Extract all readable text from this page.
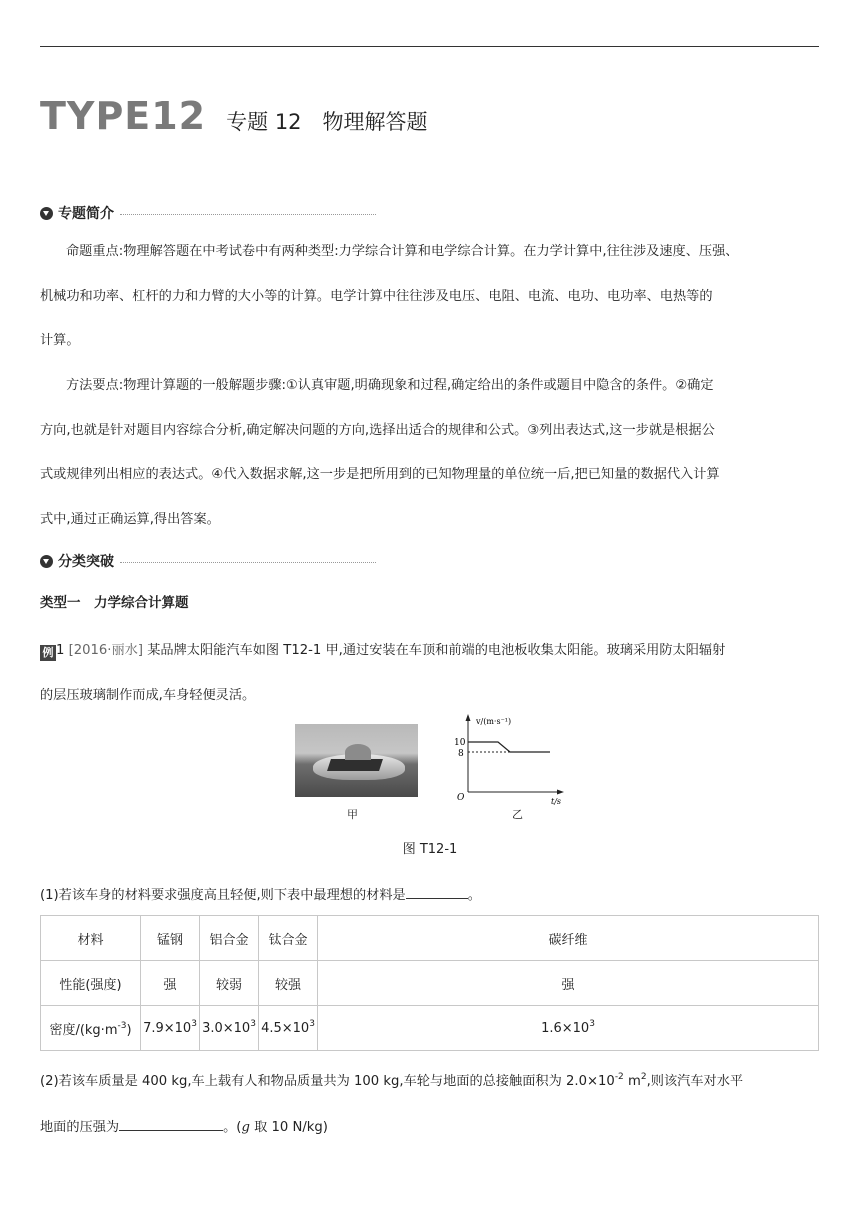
TYPE12 专题 12　物理解答题
专题简介
命题重点:物理解答题在中考试卷中有两种类型:力学综合计算和电学综合计算。在力学计算中,往往涉及速度、压强、
机械功和功率、杠杆的力和力臂的大小等的计算。电学计算中往往涉及电压、电阻、电流、电功、电功率、电热等的
计算。
方法要点:物理计算题的一般解题步骤:①认真审题,明确现象和过程,确定给出的条件或题目中隐含的条件。②确定
方向,也就是针对题目内容综合分析,确定解决问题的方向,选择出适合的规律和公式。③列出表达式,这一步就是根据公
式或规律列出相应的表达式。④代入数据求解,这一步是把所用到的已知物理量的单位统一后,把已知量的数据代入计算
式中,通过正确运算,得出答案。
分类突破
类型一　力学综合计算题
例 1 [2016·丽水] 某品牌太阳能汽车如图 T12-1 甲,通过安装在车顶和前端的电池板收集太阳能。玻璃采用防太阳辐射
的层压玻璃制作而成,车身轻便灵活。
甲
v/(m·s⁻¹)
t/s
O
10
8
乙
图 T12-1
(1)若该车身的材料要求强度高且轻便,则下表中最理想的材料是	。
材料	锰钢	铝合金	钛合金	碳纤维
性能(强度)	强	较弱	较强	强
密度$/(kg\cdot m^{-3})$	$7.9\times 10^3$	$3.0\times 10^3$	$4.5\times 10^3$	$1.6\times 10^3$
(2)若该车质量是 400 kg,车上载有人和物品质量共为 100 kg,车轮与地面的总接触面积为 $2.0\times 10^{-2}$ $m^2$,则该汽车对水平
地面的压强为	。(g 取 10 N/kg)
